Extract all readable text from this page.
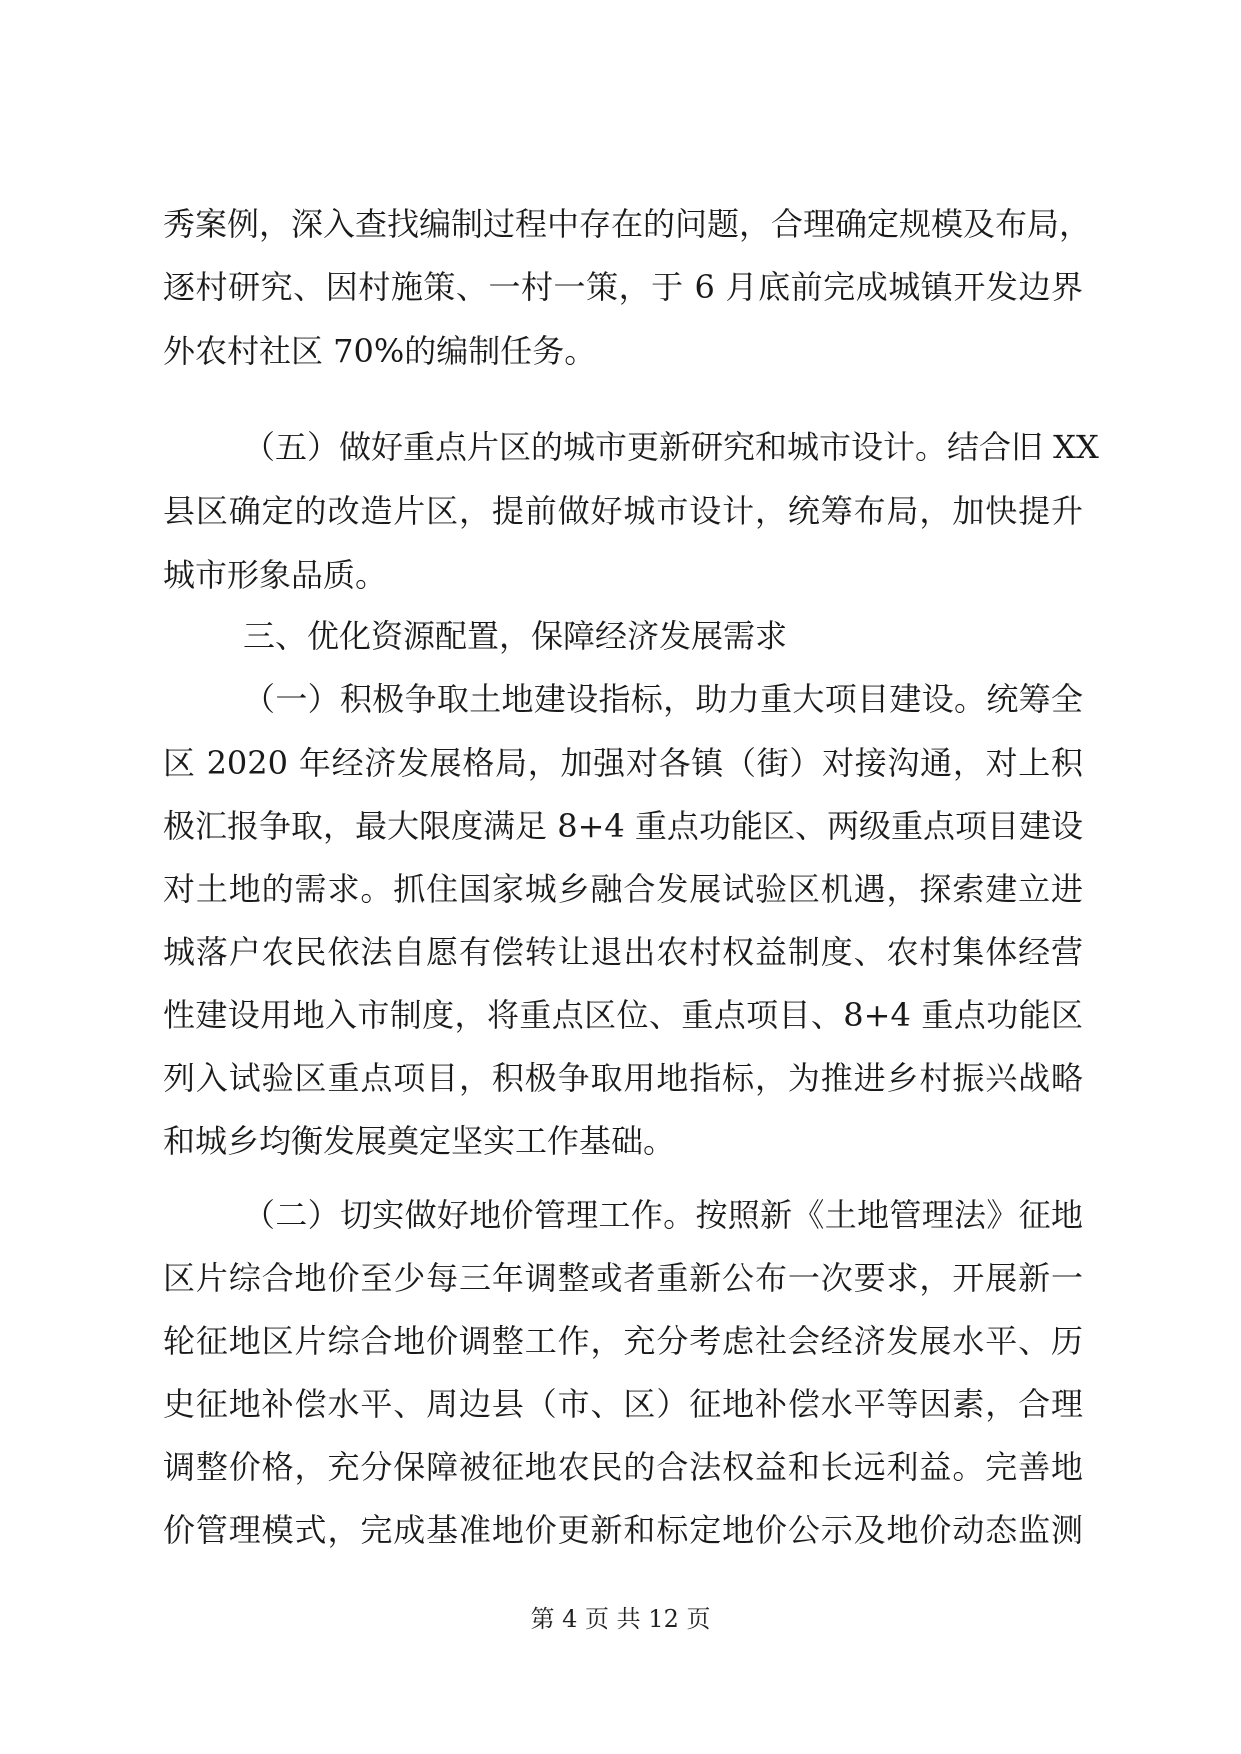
秀案例，深入查找编制过程中存在的问题，合理确定规模及布局，
逐村研究、因村施策、一村一策，于 6 月底前完成城镇开发边界
外农村社区 70%的编制任务。
（五）做好重点片区的城市更新研究和城市设计。结合旧 XX
县区确定的改造片区，提前做好城市设计，统筹布局，加快提升
城市形象品质。
三、优化资源配置，保障经济发展需求
（一）积极争取土地建设指标，助力重大项目建设。统筹全
区 2020 年经济发展格局，加强对各镇（街）对接沟通，对上积
极汇报争取，最大限度满足 8+4 重点功能区、两级重点项目建设
对土地的需求。抓住国家城乡融合发展试验区机遇，探索建立进
城落户农民依法自愿有偿转让退出农村权益制度、农村集体经营
性建设用地入市制度，将重点区位、重点项目、8+4 重点功能区
列入试验区重点项目，积极争取用地指标，为推进乡村振兴战略
和城乡均衡发展奠定坚实工作基础。
（二）切实做好地价管理工作。按照新《土地管理法》征地
区片综合地价至少每三年调整或者重新公布一次要求，开展新一
轮征地区片综合地价调整工作，充分考虑社会经济发展水平、历
史征地补偿水平、周边县（市、区）征地补偿水平等因素，合理
调整价格，充分保障被征地农民的合法权益和长远利益。完善地
价管理模式，完成基准地价更新和标定地价公示及地价动态监测
第 4 页 共 12 页
